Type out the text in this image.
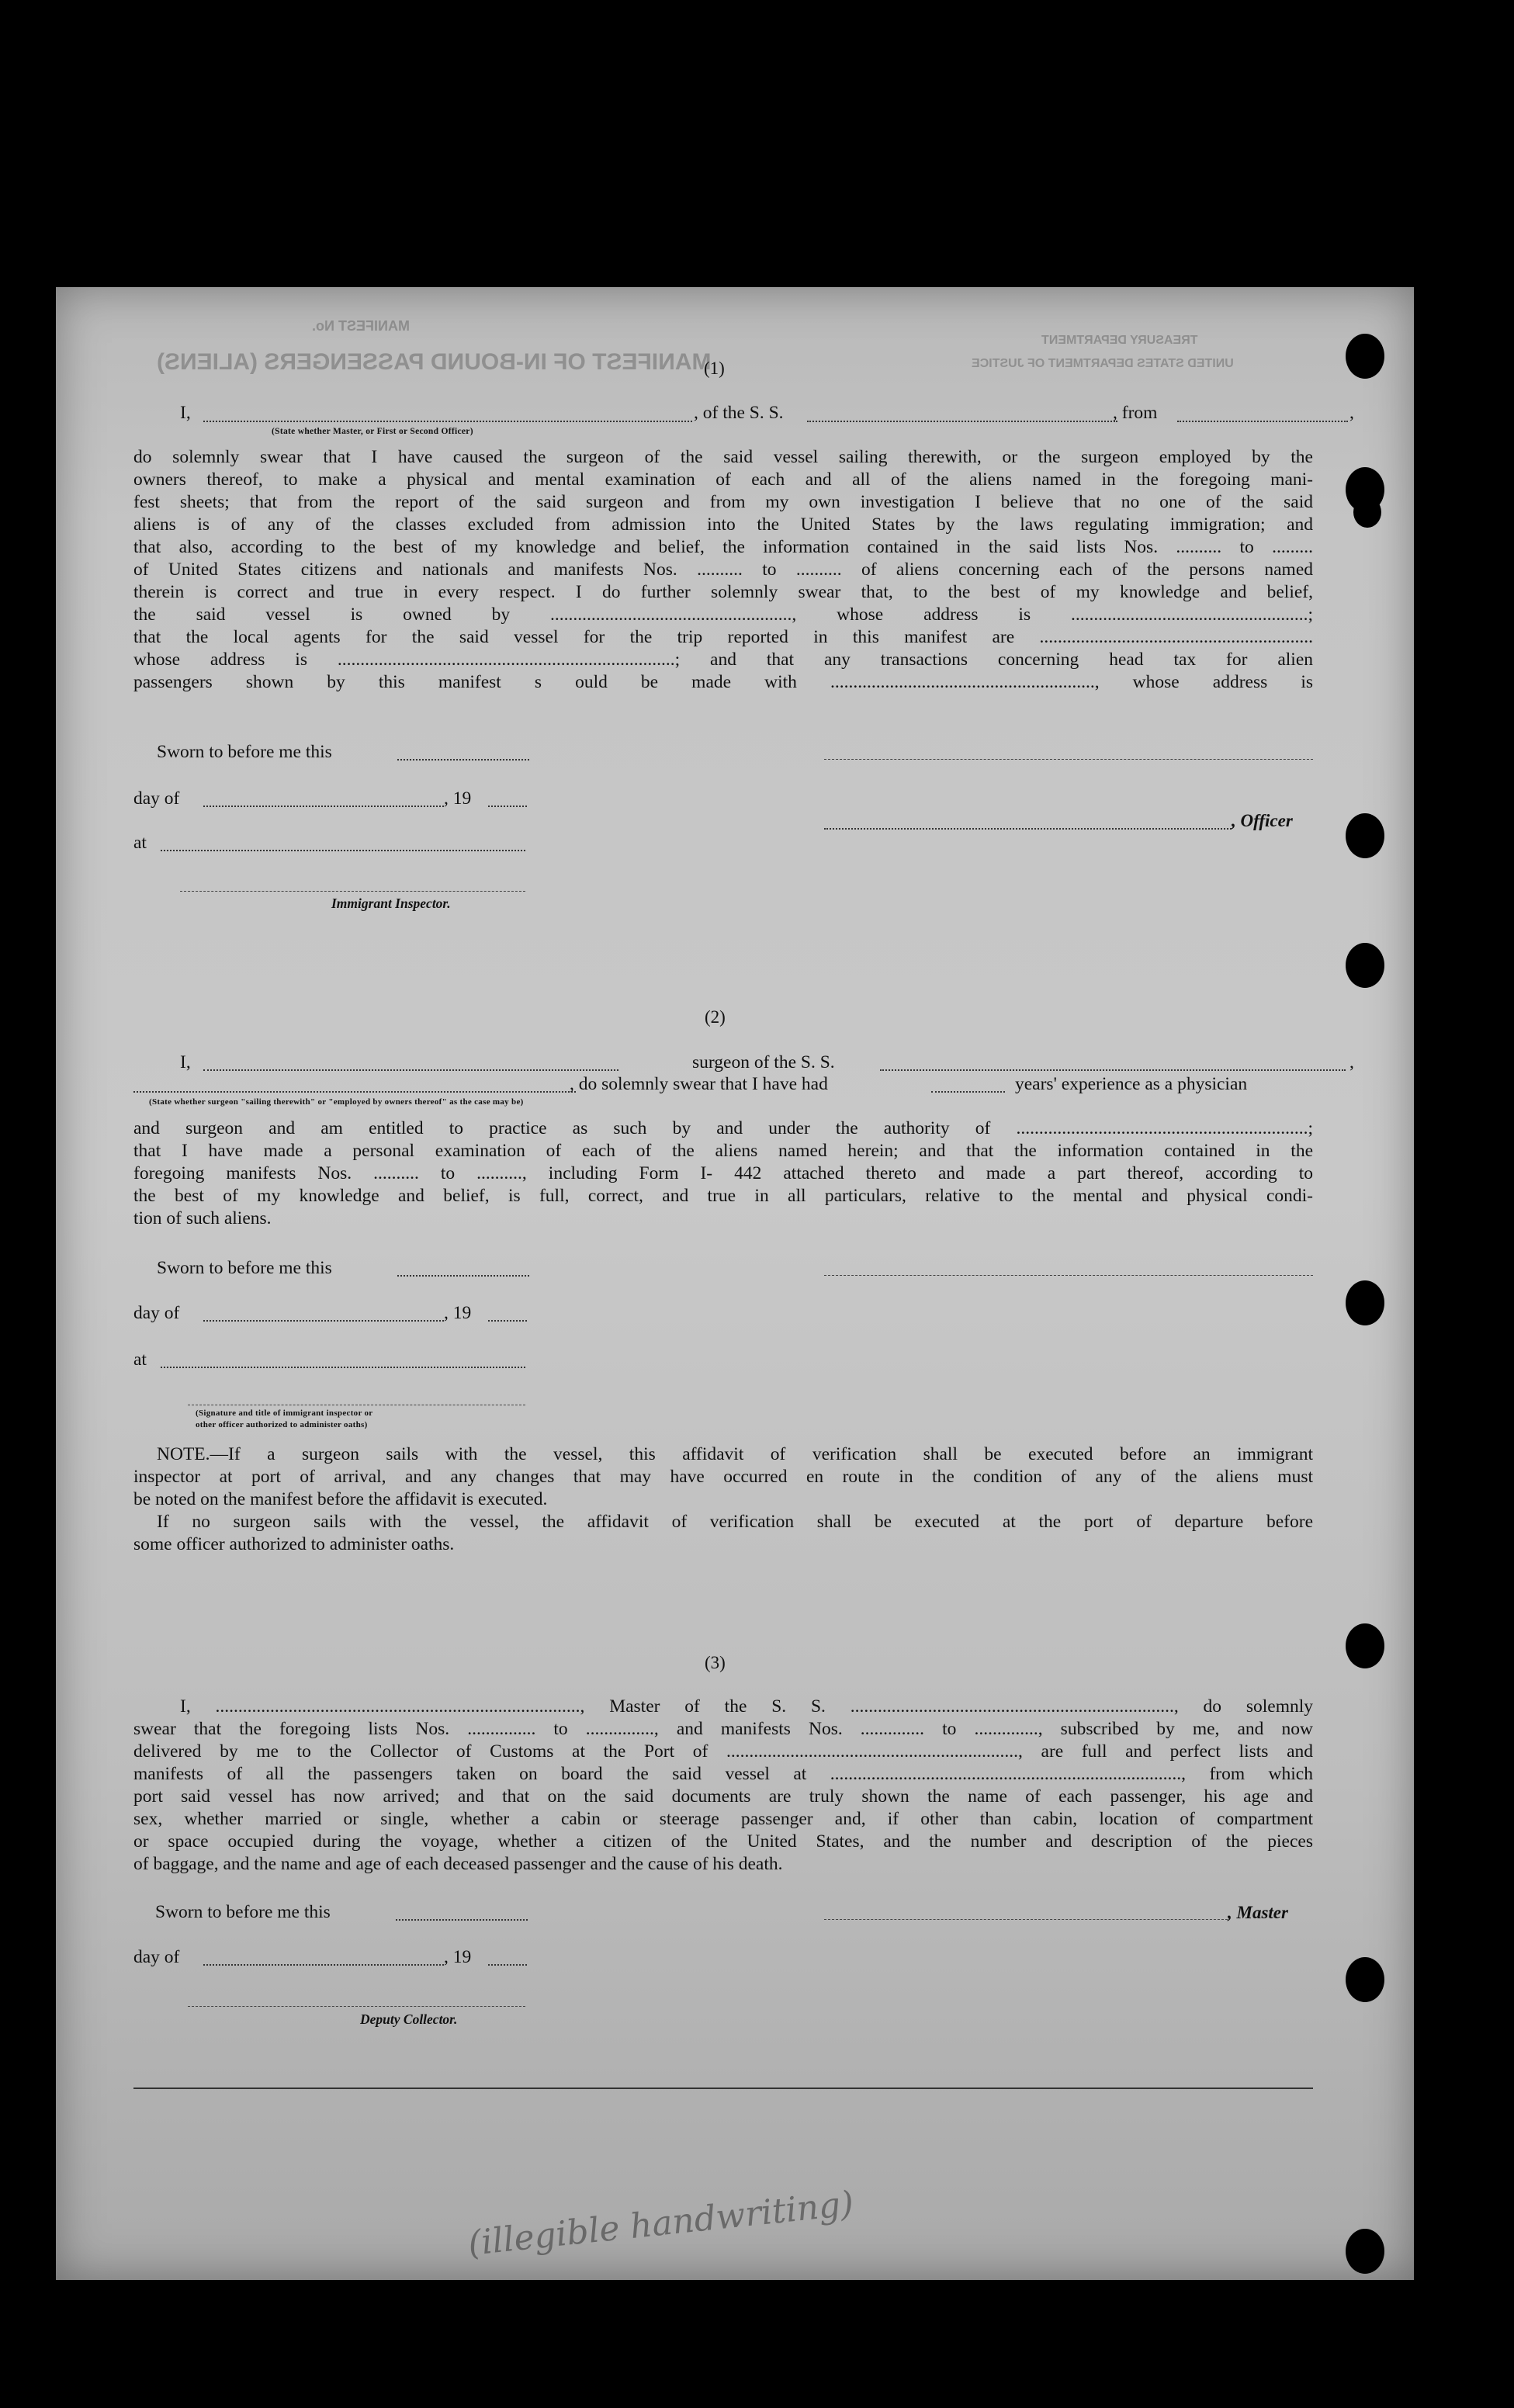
MANIFEST OF IN-BOUND PASSENGERS (ALIENS)
MANIFEST No.
TREASURY DEPARTMENT
UNITED STATES DEPARTMENT OF JUSTICE
(1)
I,	, of the S. S.	, from	,
(State whether Master, or First or Second Officer)
do solemnly swear that I have caused the surgeon of the said vessel sailing therewith, or the surgeon employed by the
owners thereof, to make a physical and mental examination of each and all of the aliens named in the foregoing mani-
fest sheets; that from the report of the said surgeon and from my own investigation I believe that no one of the said
aliens is of any of the classes excluded from admission into the United States by the laws regulating immigration; and
that also, according to the best of my knowledge and belief, the information contained in the said lists Nos. .......... to .........
of United States citizens and nationals and manifests Nos. .......... to .......... of aliens concerning each of the persons named
therein is correct and true in every respect. I do further solemnly swear that, to the best of my knowledge and belief,
the said vessel is owned by ....................................................., whose address is ....................................................;
that the local agents for the said vessel for the trip reported in this manifest are ............................................................
whose address is ..........................................................................; and that any transactions concerning head tax for alien
passengers shown by this manifest s ould be made with .........................................................., whose address is
Sworn to before me this
day of	, 19
, Officer
at
Immigrant Inspector.
(2)
I,	surgeon of the S. S.	,
, do solemnly swear that I have had	years' experience as a physician
(State whether surgeon "sailing therewith" or "employed by owners thereof" as the case may be)
and surgeon and am entitled to practice as such by and under the authority of ................................................................;
that I have made a personal examination of each of the aliens named herein; and that the information contained in the
foregoing manifests Nos. .......... to .........., including Form I- 442 attached thereto and made a part thereof, according to
the best of my knowledge and belief, is full, correct, and true in all particulars, relative to the mental and physical condi-
tion of such aliens.
Sworn to before me this
day of	, 19
at
(Signature and title of immigrant inspector or
other officer authorized to administer oaths)
NOTE.—If a surgeon sails with the vessel, this affidavit of verification shall be executed before an immigrant
inspector at port of arrival, and any changes that may have occurred en route in the condition of any of the aliens must
be noted on the manifest before the affidavit is executed.
If no surgeon sails with the vessel, the affidavit of verification shall be executed at the port of departure before
some officer authorized to administer oaths.
(3)
I, ................................................................................, Master of the S. S. ......................................................................., do solemnly
swear that the foregoing lists Nos. ............... to ..............., and manifests Nos. .............. to .............., subscribed by me, and now
delivered by me to the Collector of Customs at the Port of ................................................................, are full and perfect lists and
manifests of all the passengers taken on board the said vessel at ............................................................................., from which
port said vessel has now arrived; and that on the said documents are truly shown the name of each passenger, his age and
sex, whether married or single, whether a cabin or steerage passenger and, if other than cabin, location of compartment
or space occupied during the voyage, whether a citizen of the United States, and the number and description of the pieces
of baggage, and the name and age of each deceased passenger and the cause of his death.
Sworn to before me this	, Master
day of	, 19
Deputy Collector.
(illegible handwriting)
